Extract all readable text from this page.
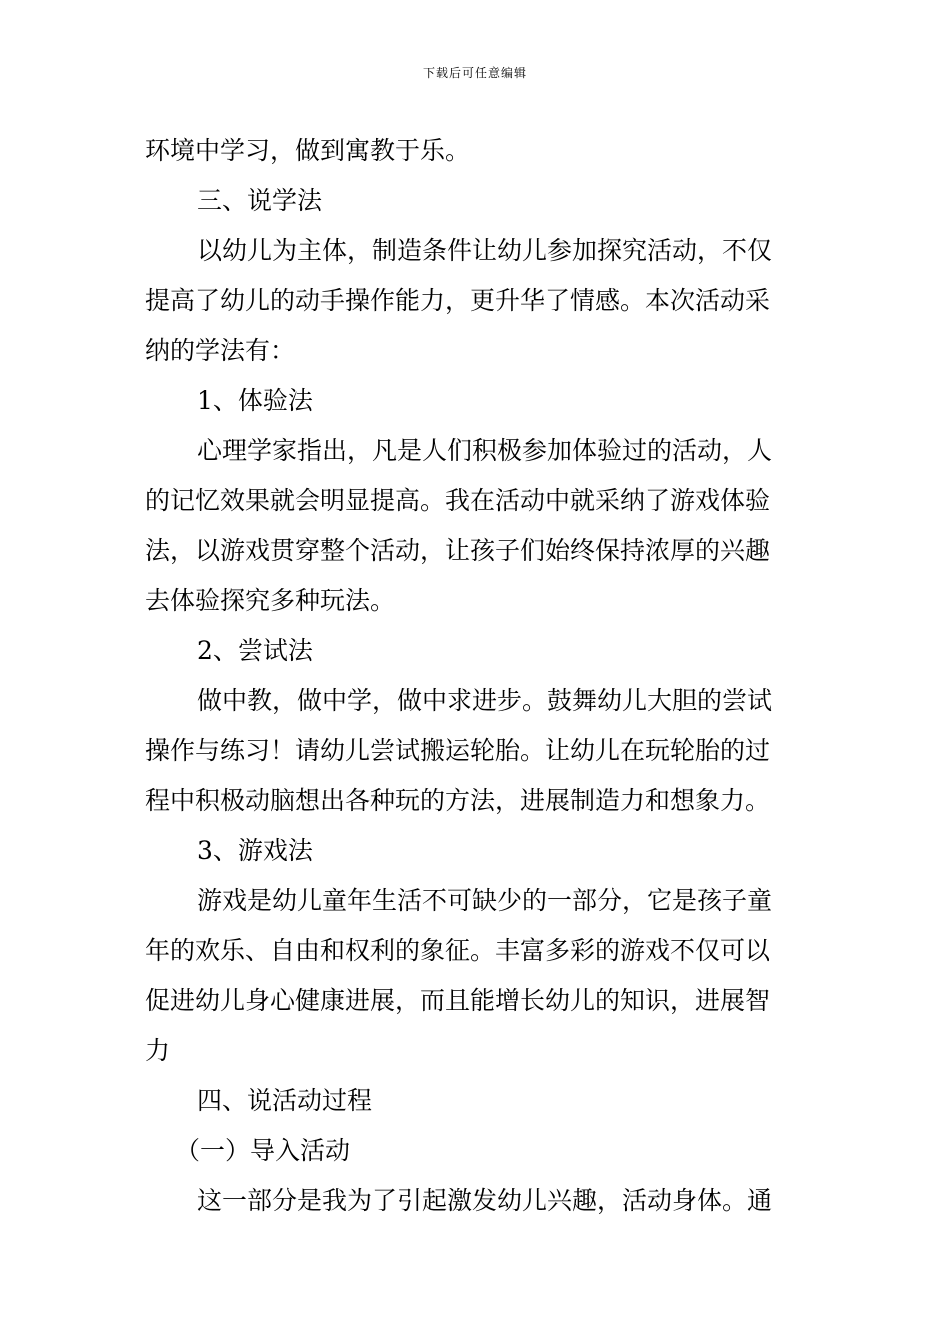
下载后可任意编辑

环境中学习，做到寓教于乐。

三、说学法

以幼儿为主体，制造条件让幼儿参加探究活动，不仅

提高了幼儿的动手操作能力，更升华了情感。本次活动采

纳的学法有：

1、体验法

心理学家指出，凡是人们积极参加体验过的活动，人

的记忆效果就会明显提高。我在活动中就采纳了游戏体验

法，以游戏贯穿整个活动，让孩子们始终保持浓厚的兴趣

去体验探究多种玩法。

2、尝试法

做中教，做中学，做中求进步。鼓舞幼儿大胆的尝试

操作与练习！请幼儿尝试搬运轮胎。让幼儿在玩轮胎的过

程中积极动脑想出各种玩的方法，进展制造力和想象力。

3、游戏法

游戏是幼儿童年生活不可缺少的一部分，它是孩子童

年的欢乐、自由和权利的象征。丰富多彩的游戏不仅可以

促进幼儿身心健康进展，而且能增长幼儿的知识，进展智

力

四、说活动过程

（一）导入活动

这一部分是我为了引起激发幼儿兴趣，活动身体。通
